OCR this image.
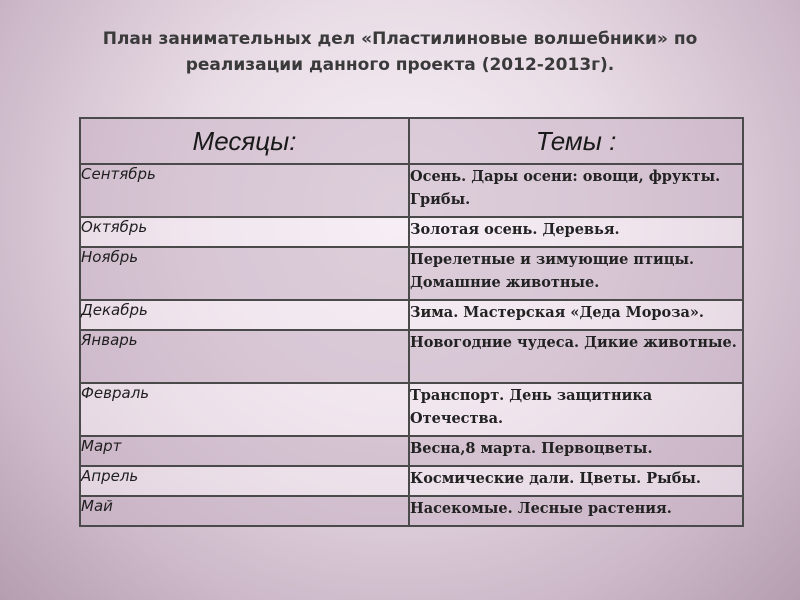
План занимательных дел «Пластилиновые волшебники» по
реализации данного проекта (2012-2013г).
Месяцы:	Темы :
Сентябрь	Осень. Дары осени: овощи, фрукты. Грибы.
Октябрь	Золотая осень. Деревья.
Ноябрь	Перелетные и зимующие птицы. Домашние животные.
Декабрь	Зима. Мастерская «Деда Мороза».
Январь	Новогодние чудеса. Дикие животные.
Февраль	Транспорт. День защитника Отечества.
Март	Весна,8 марта. Первоцветы.
Апрель	Космические дали. Цветы. Рыбы.
Май	Насекомые. Лесные растения.
